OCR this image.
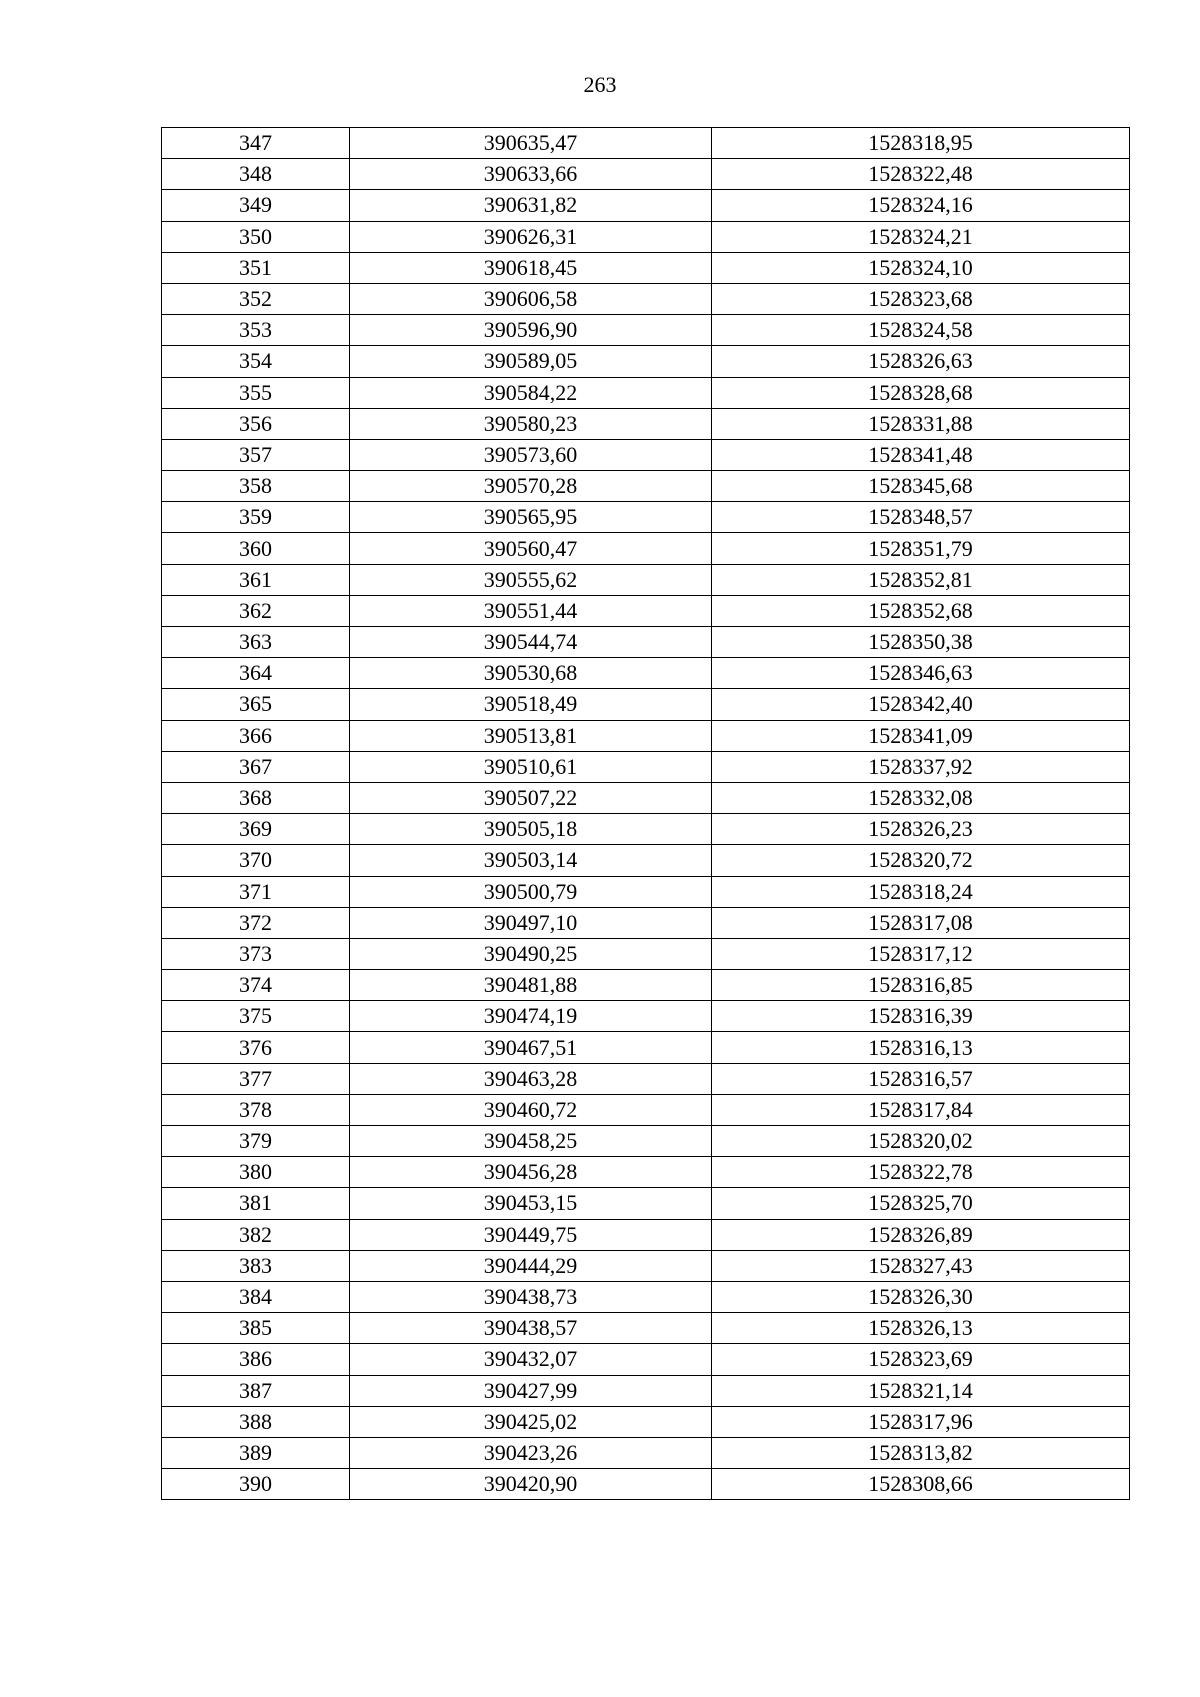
263
347	390635,47	1528318,95
348	390633,66	1528322,48
349	390631,82	1528324,16
350	390626,31	1528324,21
351	390618,45	1528324,10
352	390606,58	1528323,68
353	390596,90	1528324,58
354	390589,05	1528326,63
355	390584,22	1528328,68
356	390580,23	1528331,88
357	390573,60	1528341,48
358	390570,28	1528345,68
359	390565,95	1528348,57
360	390560,47	1528351,79
361	390555,62	1528352,81
362	390551,44	1528352,68
363	390544,74	1528350,38
364	390530,68	1528346,63
365	390518,49	1528342,40
366	390513,81	1528341,09
367	390510,61	1528337,92
368	390507,22	1528332,08
369	390505,18	1528326,23
370	390503,14	1528320,72
371	390500,79	1528318,24
372	390497,10	1528317,08
373	390490,25	1528317,12
374	390481,88	1528316,85
375	390474,19	1528316,39
376	390467,51	1528316,13
377	390463,28	1528316,57
378	390460,72	1528317,84
379	390458,25	1528320,02
380	390456,28	1528322,78
381	390453,15	1528325,70
382	390449,75	1528326,89
383	390444,29	1528327,43
384	390438,73	1528326,30
385	390438,57	1528326,13
386	390432,07	1528323,69
387	390427,99	1528321,14
388	390425,02	1528317,96
389	390423,26	1528313,82
390	390420,90	1528308,66
